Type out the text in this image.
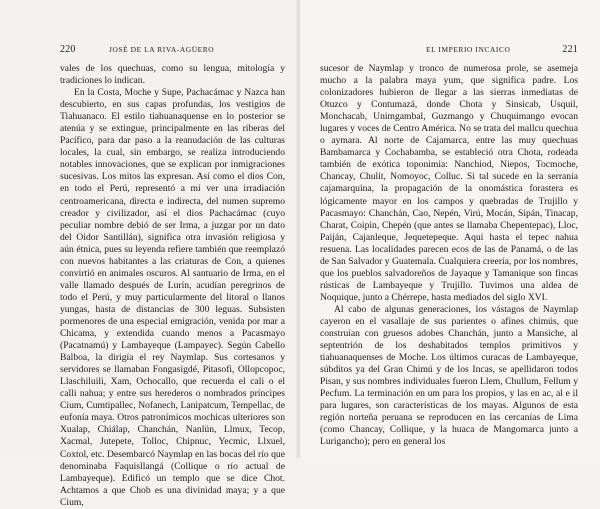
220	JOSÉ DE LA RIVA-AGÜERO

vales de los quechuas, como su lengua, mitología y tradiciones lo indican.

En la Costa, Moche y Supe, Pachacámac y Nazca han descubierto, en sus capas profundas, los vestigios de Tiahuanaco. El estilo tiahuanaquense en lo posterior se atenúa y se extingue, principalmente en las riberas del Pacífico, para dar paso a la reanudación de las culturas locales, la cual, sin embargo, se realiza introduciendo notables innovaciones, que se explican por inmigraciones sucesivas. Los mitos las expresan. Así como el dios Con, en todo el Perú, representó a mi ver una irradiación centroamericana, directa e indirecta, del numen supremo creador y civilizador, así el dios Pachacámac (cuyo peculiar nombre debió de ser Irma, a juzgar por un dato del Oidor Santillán), significa otra invasión religiosa y aún étnica, pues su leyenda refiere también que reemplazó con nuevos habitantes a las criaturas de Con, a quienes convirtió en animales oscuros. Al santuario de Irma, en el valle llamado después de Lurín, acudían peregrinos de todo el Perú, y muy particularmente del litoral o llanos yungas, hasta de distancias de 300 leguas. Subsisten pormenores de una especial emigración, venida por mar a Chicama, y extendida cuando menos a Pacasmayo (Pacatnamú) y Lambayeque (Lampayec). Según Cabello Balboa, la dirigía el rey Naymlap. Sus cortesanos y servidores se llamaban Fongasigdé, Pitasofi, Ollopcopoc, Llaschiluili, Xam, Ochocallo, que recuerda el cali o el calli nahua; y entre sus herederos o nombrados príncipes Cium, Cumtipallec, Nofanech, Lanipatcum, Tempellac, de eufonía maya. Otros patronímicos mochicas ulteriores son Xualap, Chiálap, Chanchán, Nanlün, Llmux, Tecop, Xacmal, Jutepete, Tolloc, Chipnuc, Yecmic, Llxuel, Coxtol, etc. Desembarcó Naymlap en las bocas del río que denominaba Faquisllangá (Collique o río actual de Lambayeque). Edificó un templo que se dice Chot. Achtamos a que Chob es una divinidad maya; y a que Cium,

EL IMPERIO INCAICO	221

sucesor de Naymlap y tronco de numerosa prole, se asemeja mucho a la palabra maya yum, que significa padre. Los colonizadores hubieron de llegar a las sierras inmediatas de Otuzco y Contumazá, donde Chota y Sinsicab, Usquil, Monchacab, Unimgambal, Guzmango y Chuquimango evocan lugares y voces de Centro América. No se trata del mallcu quechua o aymara. Al norte de Cajamarca, entre las muy quechuas Bambamarca y Cochabamba, se estableció otra Chota, rodeada también de exótica toponimia: Nanchiod, Niepos, Tocmoche, Chancay, Chulit, Nomoyoc, Colluc. Si tal sucede en la serranía cajamarquina, la propagación de la onomástica forastera es lógicamente mayor en los campos y quebradas de Trujillo y Pacasmayo: Chanchán, Cao, Nepén, Virú, Mocán, Sipán, Tinacap, Charat, Coipin, Chepén (que antes se llamaba Chepentepac), Lloc, Paiján, Cajanleque, Jequetepeque. Aquí hasta el tepec nahua resuena. Las localidades parecen ecos de las de Panamá, o de las de San Salvador y Guatemala. Cualquiera creería, por los nombres, que los pueblos salvadoreños de Jayaque y Tamanique son fincas rústicas de Lambayeque y Trujillo. Tuvimos una aldea de Noquique, junto a Chérrepe, hasta mediados del siglo XVI.

Al cabo de algunas generaciones, los vástagos de Naymlap cayeron en el vasallaje de sus parientes o afines chimús, que construían con gruesos adobes Chanchán, junto a Mansiche, al septentrión de los deshabitados templos primitivos y tiahuanaquenses de Moche. Los últimos curacas de Lambayeque, súbditos ya del Gran Chimú y de los Incas, se apellidaron todos Pisan, y sus nombres individuales fueron Llem, Chullum, Fellum y Pecfum. La terminación en um para los propios, y las en ac, al e il para lugares, son características de los mayas. Algunos de esta región norteña peruana se reproducen en las cercanías de Lima (como Chancay, Collique, y la huaca de Mangomarca junto a Lurigancho); pero en general los
